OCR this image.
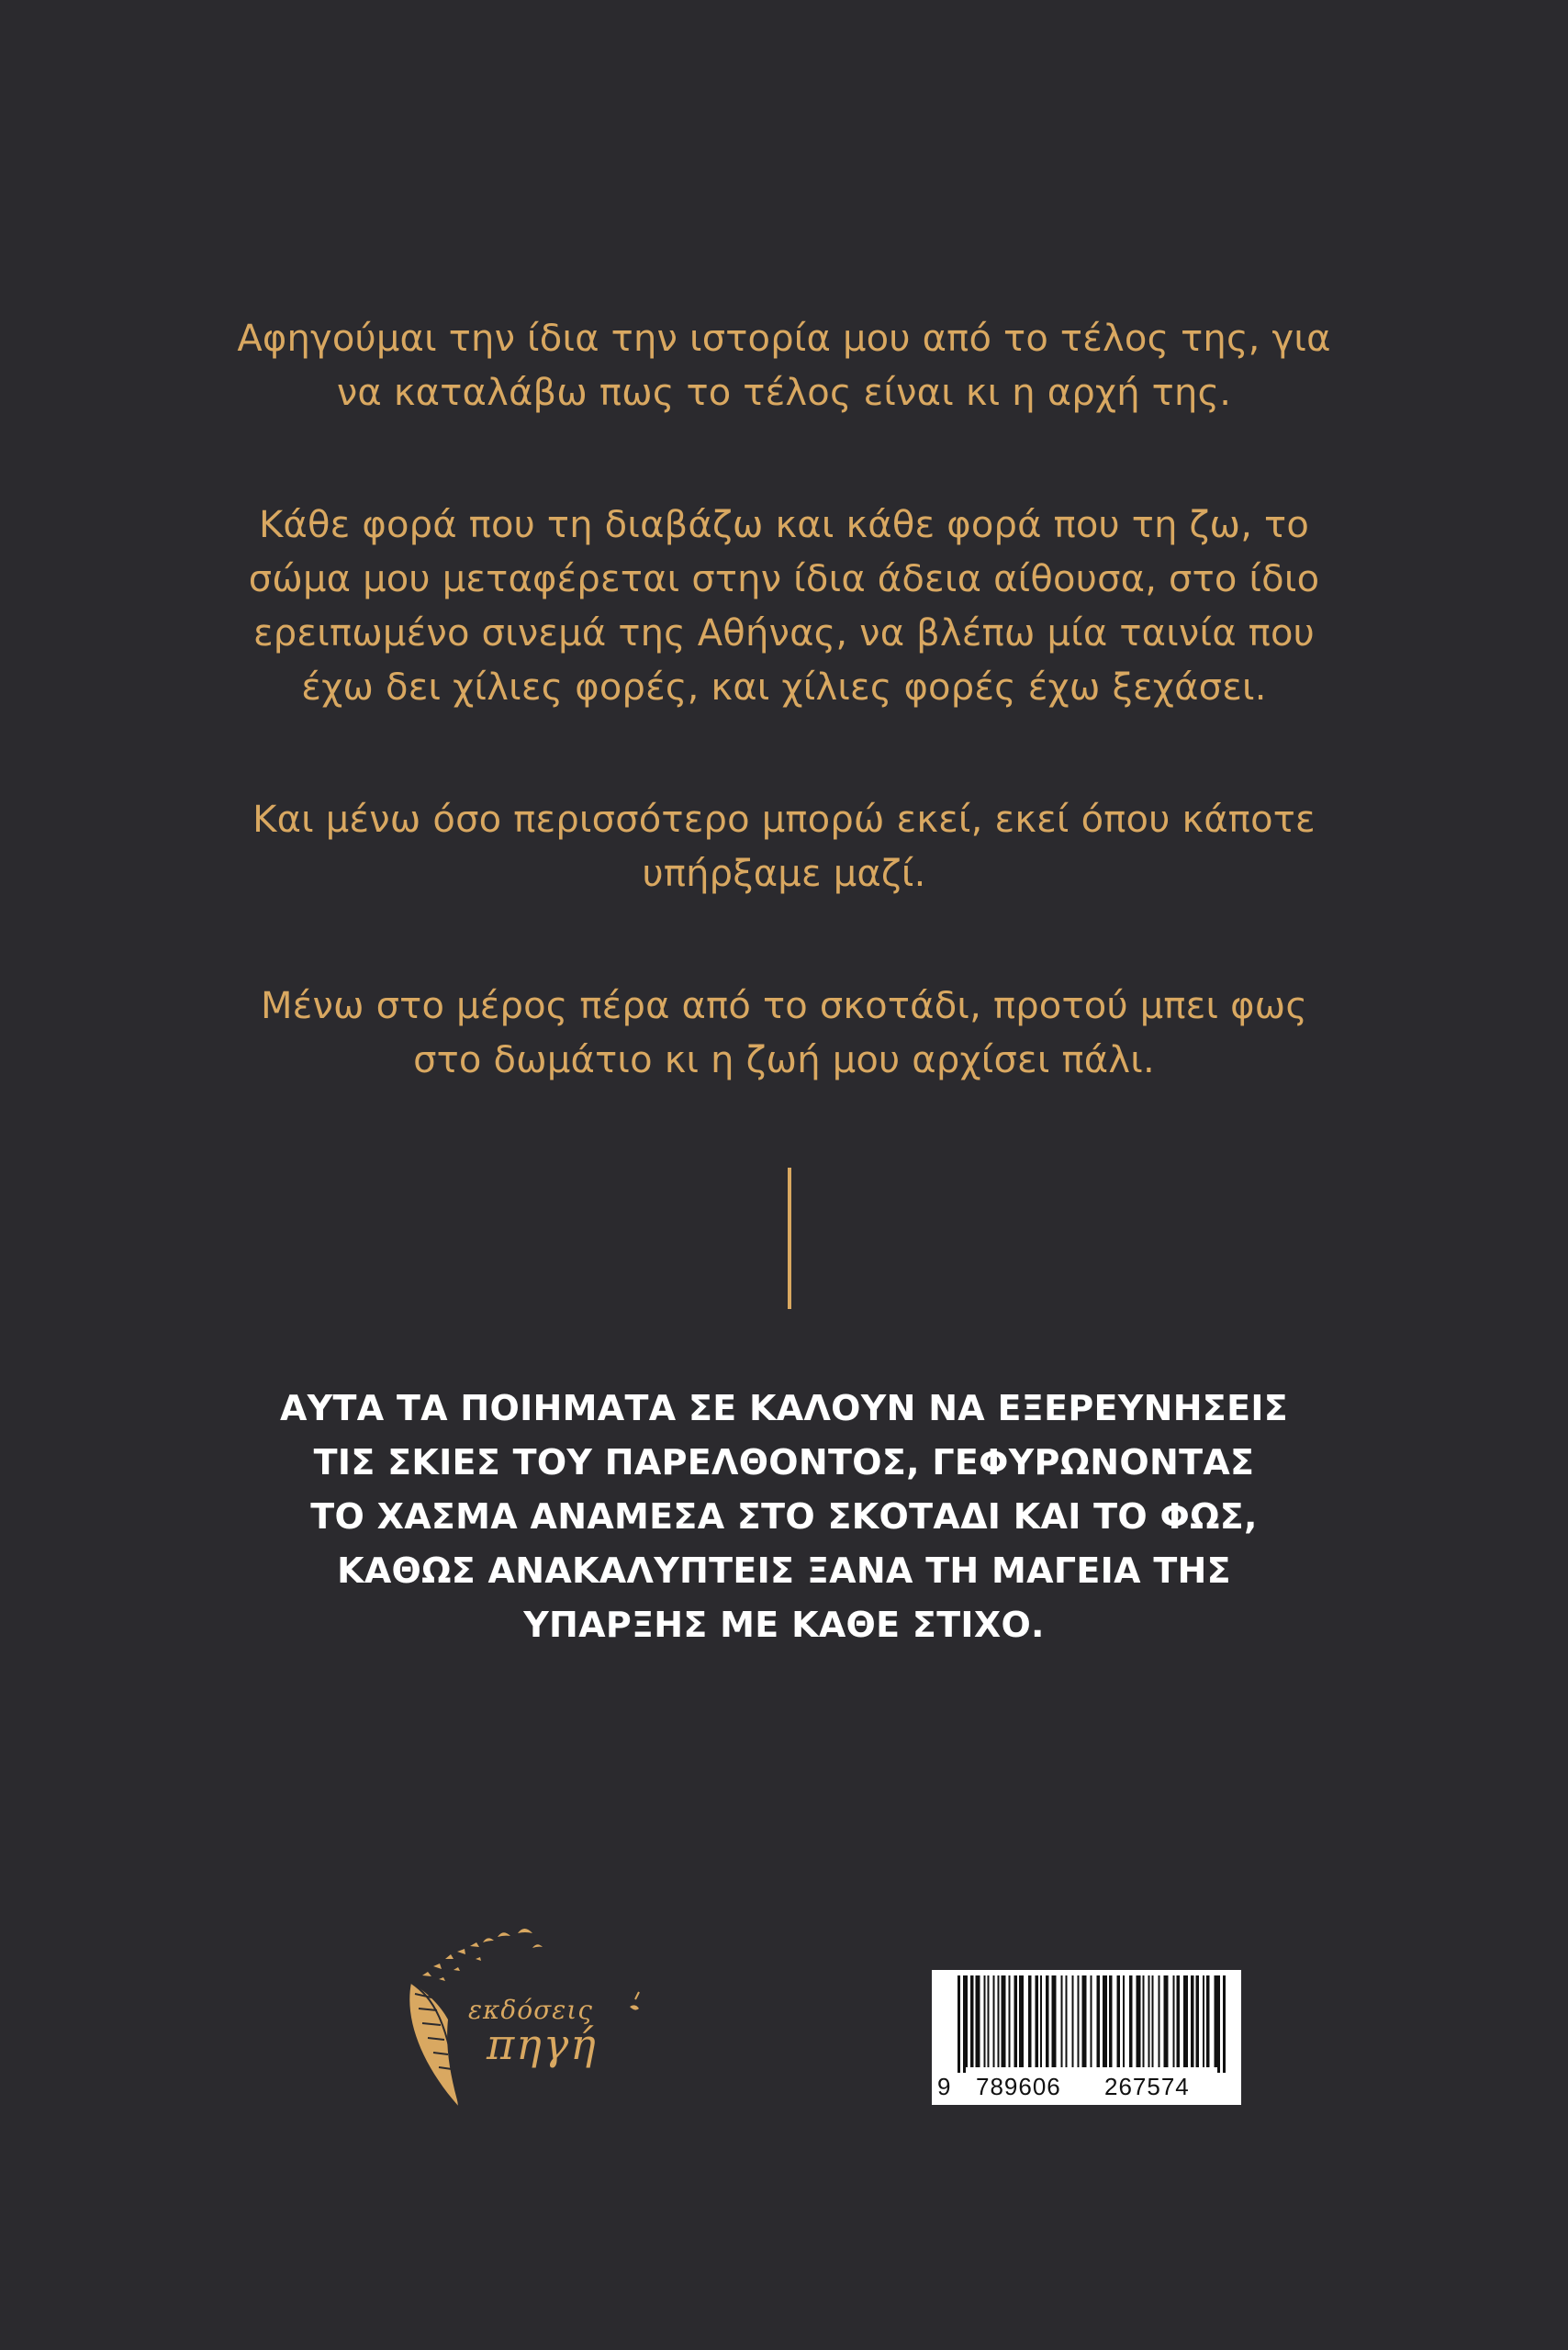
Αφηγούμαι την ίδια την ιστορία μου από το τέλος της, για
να καταλάβω πως το τέλος είναι κι η αρχή της.

Κάθε φορά που τη διαβάζω και κάθε φορά που τη ζω, το
σώμα μου μεταφέρεται στην ίδια άδεια αίθουσα, στο ίδιο
ερειπωμένο σινεμά της Αθήνας, να βλέπω μία ταινία που
έχω δει χίλιες φορές, και χίλιες φορές έχω ξεχάσει.

Και μένω όσο περισσότερο μπορώ εκεί, εκεί όπου κάποτε
υπήρξαμε μαζί.

Μένω στο μέρος πέρα από το σκοτάδι, προτού μπει φως
στο δωμάτιο κι η ζωή μου αρχίσει πάλι.

ΑΥΤΑ ΤΑ ΠΟΙΗΜΑΤΑ ΣΕ ΚΑΛΟΥΝ ΝΑ ΕΞΕΡΕΥΝΗΣΕΙΣ
ΤΙΣ ΣΚΙΕΣ ΤΟΥ ΠΑΡΕΛΘΟΝΤΟΣ, ΓΕΦΥΡΩΝΟΝΤΑΣ
ΤΟ ΧΑΣΜΑ ΑΝΑΜΕΣΑ ΣΤΟ ΣΚΟΤΑΔΙ ΚΑΙ ΤΟ ΦΩΣ,
ΚΑΘΩΣ ΑΝΑΚΑΛΥΠΤΕΙΣ ΞΑΝΑ ΤΗ ΜΑΓΕΙΑ ΤΗΣ
ΥΠΑΡΞΗΣ ΜΕ ΚΑΘΕ ΣΤΙΧΟ.
εκδόσεις
πηγή
9 789606 267574
